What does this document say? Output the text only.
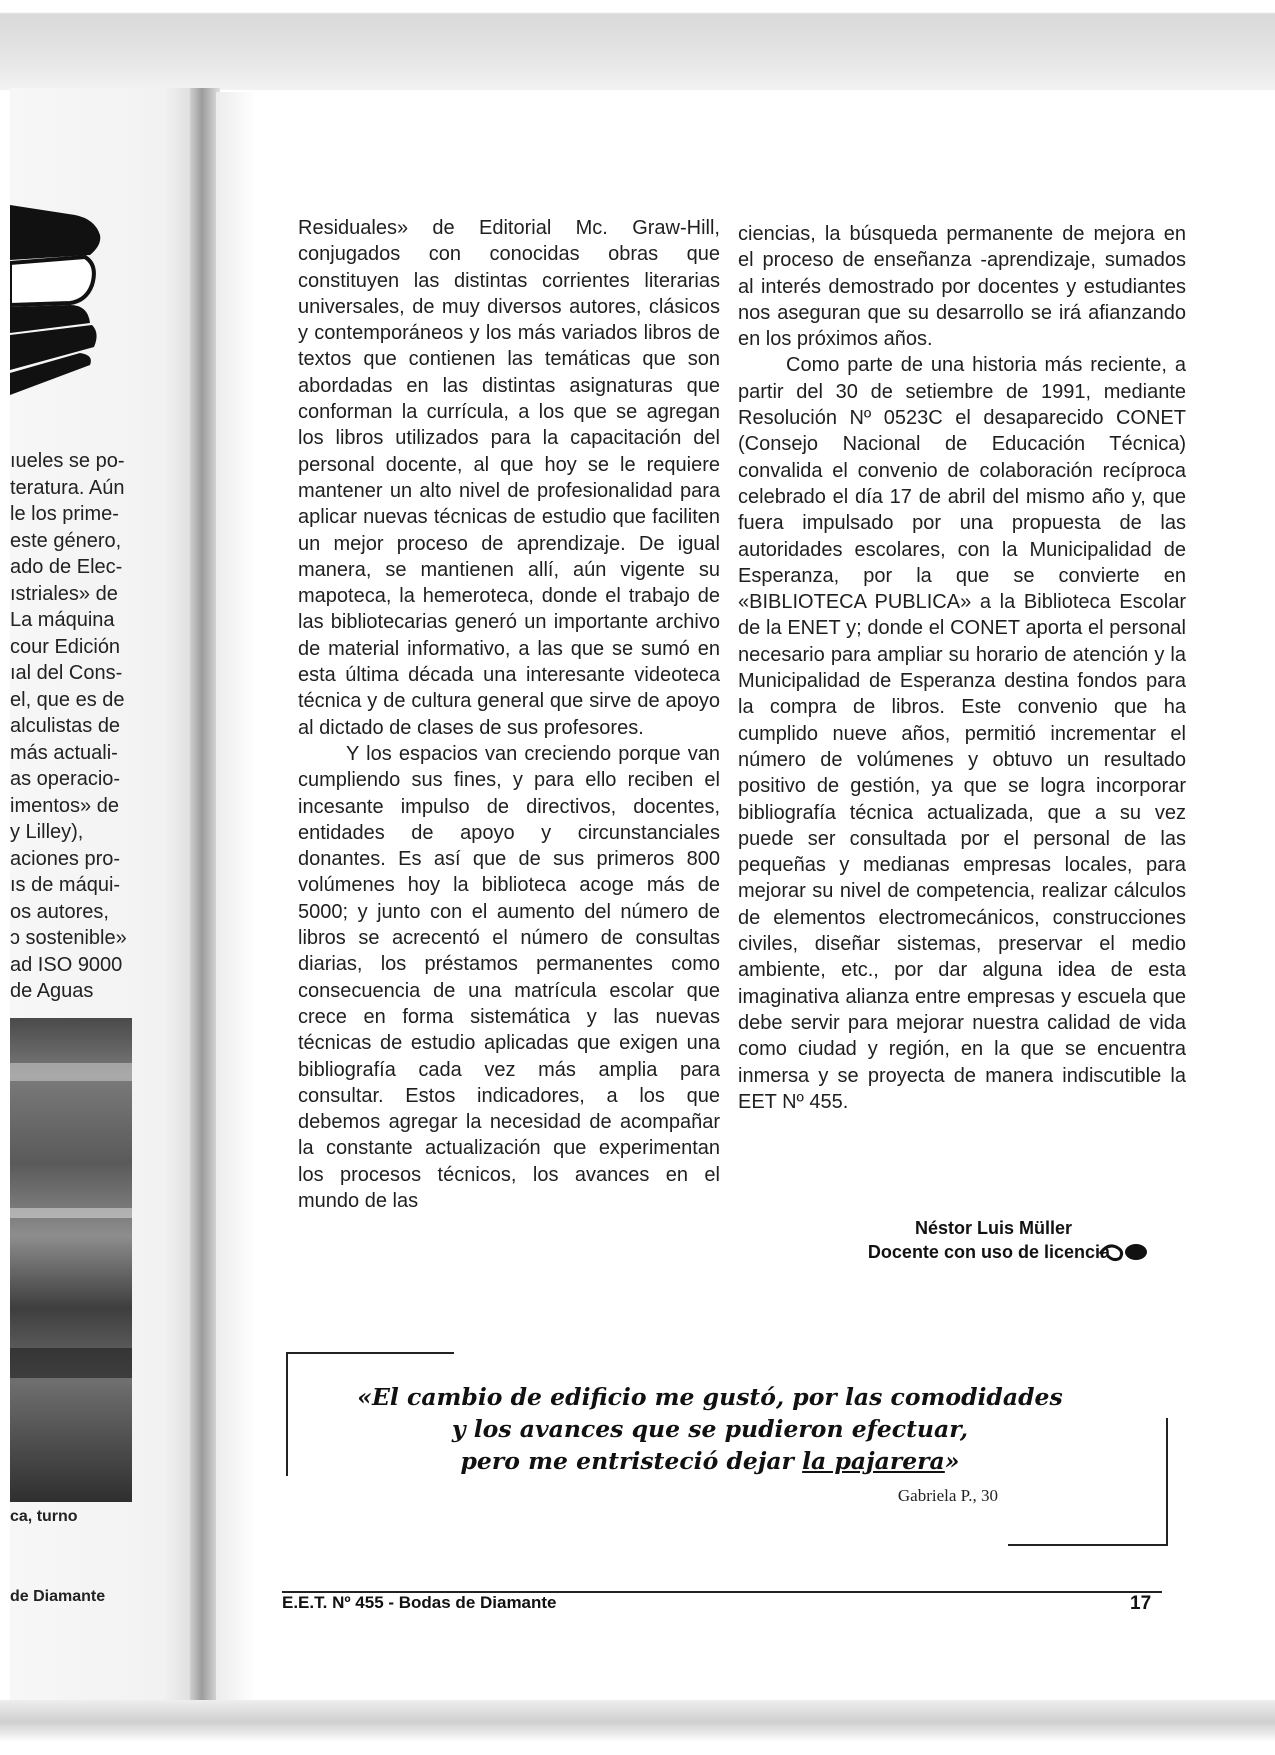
ıueles se po-
teratura. Aún
le los prime-
este género,
ado de Elec-
ıstriales» de
La máquina
cour Edición
ıal del Cons-
el, que es de
alculistas de
más actuali-
as operacio-
imentos» de
y Lilley),
aciones pro-
ıs de máqui-
os autores,
ɔ sostenible»
ad ISO 9000
de Aguas
ca, turno
de Diamante

Residuales» de Editorial Mc. Graw-Hill, conjugados con conocidas obras que constituyen las distintas corrientes literarias universales, de muy diversos autores, clásicos y contemporáneos y los más variados libros de textos que contienen las temáticas que son abordadas en las distintas asignaturas que conforman la currícula, a los que se agregan los libros utilizados para la capacitación del personal docente, al que hoy se le requiere mantener un alto nivel de profesionalidad para aplicar nuevas técnicas de estudio que faciliten un mejor proceso de aprendizaje. De igual manera, se mantienen allí, aún vigente su mapoteca, la hemeroteca, donde el trabajo de las bibliotecarias generó un importante archivo de material informativo, a las que se sumó en esta última década una interesante videoteca técnica y de cultura general que sirve de apoyo al dictado de clases de sus profesores.

Y los espacios van creciendo porque van cumpliendo sus fines, y para ello reciben el incesante impulso de directivos, docentes, entidades de apoyo y circunstanciales donantes. Es así que de sus primeros 800 volúmenes hoy la biblioteca acoge más de 5000; y junto con el aumento del número de libros se acrecentó el número de consultas diarias, los préstamos permanentes como consecuencia de una matrícula escolar que crece en forma sistemática y las nuevas técnicas de estudio aplicadas que exigen una bibliografía cada vez más amplia para consultar. Estos indicadores, a los que debemos agregar la necesidad de acompañar la constante actualización que experimentan los procesos técnicos, los avances en el mundo de las

ciencias, la búsqueda permanente de mejora en el proceso de enseñanza -aprendizaje, sumados al interés demostrado por docentes y estudiantes nos aseguran que su desarrollo se irá afianzando en los próximos años.

Como parte de una historia más reciente, a partir del 30 de setiembre de 1991, mediante Resolución Nº 0523C el desaparecido CONET (Consejo Nacional de Educación Técnica) convalida el convenio de colaboración recíproca celebrado el día 17 de abril del mismo año y, que fuera impulsado por una propuesta de las autoridades escolares, con la Municipalidad de Esperanza, por la que se convierte en «BIBLIOTECA PUBLICA» a la Biblioteca Escolar de la ENET y; donde el CONET aporta el personal necesario para ampliar su horario de atención y la Municipalidad de Esperanza destina fondos para la compra de libros. Este convenio que ha cumplido nueve años, permitió incrementar el número de volúmenes y obtuvo un resultado positivo de gestión, ya que se logra incorporar bibliografía técnica actualizada, que a su vez puede ser consultada por el personal de las pequeñas y medianas empresas locales, para mejorar su nivel de competencia, realizar cálculos de elementos electromecánicos, construcciones civiles, diseñar sistemas, preservar el medio ambiente, etc., por dar alguna idea de esta imaginativa alianza entre empresas y escuela que debe servir para mejorar nuestra calidad de vida como ciudad y región, en la que se encuentra inmersa y se proyecta de manera indiscutible la EET Nº 455.

Néstor Luis Müller
Docente con uso de licencia
«El cambio de edificio me gustó, por las comodidades
y los avances que se pudieron efectuar,
pero me entristeció dejar la pajarera»
Gabriela P., 30
E.E.T. Nº 455 - Bodas de Diamante	17
